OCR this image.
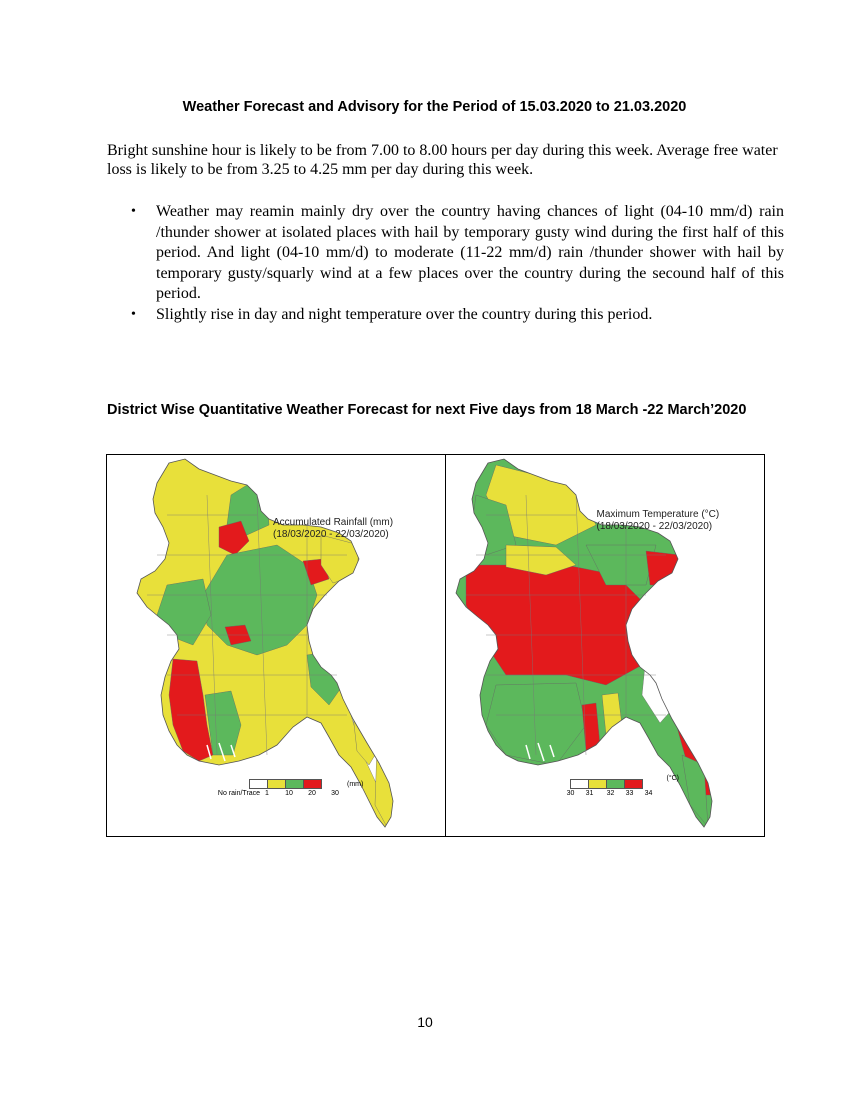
Weather Forecast and Advisory for the Period of 15.03.2020 to 21.03.2020
Bright sunshine hour is likely to be from 7.00 to 8.00 hours per day during this week. Average free water loss is likely to be from 3.25 to 4.25 mm per day during this week.
• Weather may reamin mainly dry over the country having chances of light (04-10 mm/d) rain /thunder shower at isolated places with hail by temporary gusty wind during the first half of this period. And light (04-10 mm/d) to moderate (11-22 mm/d) rain /thunder shower with hail by temporary gusty/squarly wind at a few places over the country during the secound half of this period.
• Slightly rise in day and night temperature over the country during this period.
District Wise Quantitative Weather Forecast for next Five days from 18 March -22 March’2020
Accumulated Rainfall (mm)
(18/03/2020 - 22/03/2020)
No rain/Trace 1 10 20 30
(mm)
Maximum Temperature (°C)
(18/03/2020 - 22/03/2020)
30 31 32 33 34
(°C)
10
